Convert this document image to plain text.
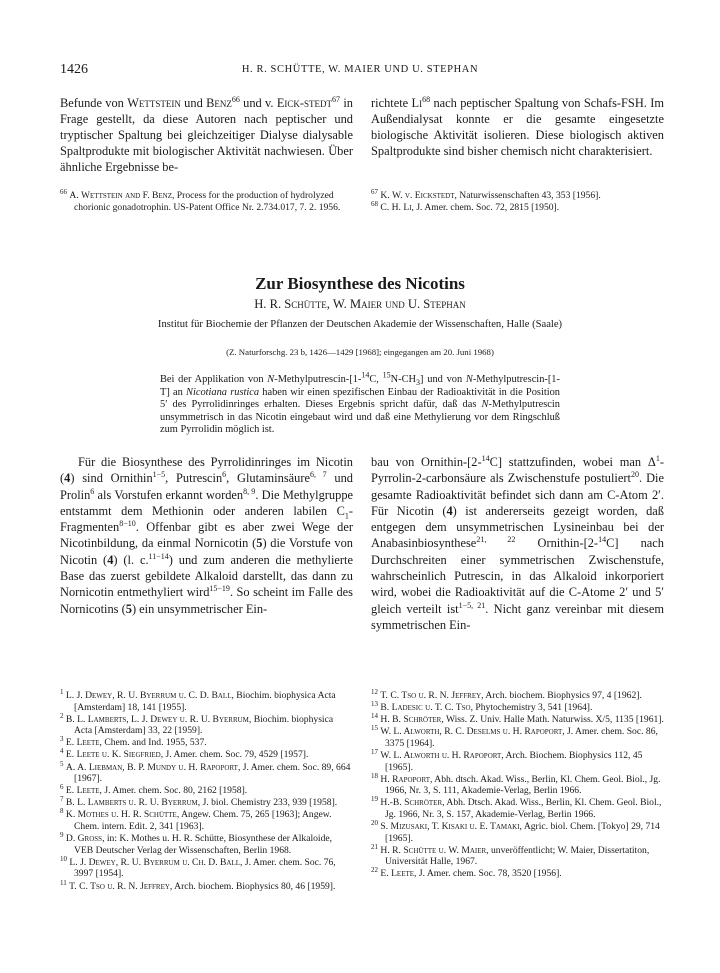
1426	H. R. SCHÜTTE, W. MAIER UND U. STEPHAN

Befunde von Wettstein und Benz$^{66}$ und v. Eick-stedt$^{67}$ in Frage gestellt, da diese Autoren nach peptischer und tryptischer Spaltung bei gleichzeitiger Dialyse dialysable Spaltprodukte mit biologischer Aktivität nachwiesen. Über ähnliche Ergebnisse be-

richtete Li$^{68}$ nach peptischer Spaltung von Schafs-FSH. Im Außendialysat konnte er die gesamte eingesetzte biologische Aktivität isolieren. Diese biologisch aktiven Spaltprodukte sind bisher chemisch nicht charakterisiert.

$^{66}$ A. Wettstein and F. Benz, Process for the production of hydrolyzed chorionic gonadotrophin. US-Patent Office Nr. 2.734.017, 7. 2. 1956.
$^{67}$ K. W. v. Eickstedt, Naturwissenschaften 43, 353 [1956].
$^{68}$ C. H. Li, J. Amer. chem. Soc. 72, 2815 [1950].
Zur Biosynthese des Nicotins
H. R. Schütte, W. Maier und U. Stephan
Institut für Biochemie der Pflanzen der Deutschen Akademie der Wissenschaften, Halle (Saale)
(Z. Naturforschg. 23 b, 1426—1429 [1968]; eingegangen am 20. Juni 1968)
Bei der Applikation von N-Methylputrescin-[1-$^{14}$C, $^{15}N-CH_3$] und von N-Methylputrescin-[1-T] an Nicotiana rustica haben wir einen spezifischen Einbau der Radioaktivität in die Position 5′ des Pyrrolidinringes erhalten. Dieses Ergebnis spricht dafür, daß das N-Methylputrescin unsymmetrisch in das Nicotin eingebaut wird und daß eine Methylierung vor dem Ringschluß zum Pyrrolidin möglich ist.

Für die Biosynthese des Pyrrolidinringes im Nicotin (4) sind Ornithin$^{1-5}$, Putrescin$^6$, Glutaminsäure$^{6, 7}$ und Prolin$^6$ als Vorstufen erkannt worden$^{8, 9}$. Die Methylgruppe entstammt dem Methionin oder anderen labilen $C_1-Fragmenten^{8-10}$. Offenbar gibt es aber zwei Wege der Nicotinbildung, da einmal Nornicotin (5) die Vorstufe von Nicotin (4) (l. c.$^{11-14}$) und zum anderen die methylierte Base das zuerst gebildete Alkaloid darstellt, das dann zu Nornicotin entmethyliert wird$^{15-19}$. So scheint im Falle des Nornicotins (5) ein unsymmetrischer Ein-

bau von Ornithin-[2-$^{14}$C] stattzufinden, wobei man $\Delta^1-Pyrrolin-2$-carbonsäure als Zwischenstufe postuliert$^{20}$. Die gesamte Radioaktivität befindet sich dann am C-Atom 2′. Für Nicotin (4) ist andererseits gezeigt worden, daß entgegen dem unsymmetrischen Lysineinbau bei der Anabasinbiosynthese$^{21, 22}$ Ornithin-[2-$^{14}$C] nach Durchschreiten einer symmetrischen Zwischenstufe, wahrscheinlich Putrescin, in das Alkaloid inkorporiert wird, wobei die Radioaktivität auf die C-Atome 2′ und 5′ gleich verteilt ist$^{1-5, 21}$. Nicht ganz vereinbar mit diesem symmetrischen Ein-

$^1$ L. J. Dewey, R. U. Byerrum u. C. D. Ball, Biochim. biophysica Acta [Amsterdam] 18, 141 [1955].
$^2$ B. L. Lamberts, L. J. Dewey u. R. U. Byerrum, Biochim. biophysica Acta [Amsterdam] 33, 22 [1959].
$^3$ E. Leete, Chem. and Ind. 1955, 537.
$^4$ E. Leete u. K. Siegfried, J. Amer. chem. Soc. 79, 4529 [1957].
$^5$ A. A. Liebman, B. P. Mundy u. H. Rapoport, J. Amer. chem. Soc. 89, 664 [1967].
$^6$ E. Leete, J. Amer. chem. Soc. 80, 2162 [1958].
$^7$ B. L. Lamberts u. R. U. Byerrum, J. biol. Chemistry 233, 939 [1958].
$^8$ K. Mothes u. H. R. Schütte, Angew. Chem. 75, 265 [1963]; Angew. Chem. intern. Edit. 2, 341 [1963].
$^9$ D. Gross, in: K. Mothes u. H. R. Schütte, Biosynthese der Alkaloide, VEB Deutscher Verlag der Wissenschaften, Berlin 1968.
$^{10}$ L. J. Dewey, R. U. Byerrum u. Ch. D. Ball, J. Amer. chem. Soc. 76, 3997 [1954].
$^{11}$ T. C. Tso u. R. N. Jeffrey, Arch. biochem. Biophysics 80, 46 [1959].
$^{12}$ T. C. Tso u. R. N. Jeffrey, Arch. biochem. Biophysics 97, 4 [1962].
$^{13}$ B. Ladesic u. T. C. Tso, Phytochemistry 3, 541 [1964].
$^{14}$ H. B. Schröter, Wiss. Z. Univ. Halle Math. Naturwiss. X/5, 1135 [1961].
$^{15}$ W. L. Alworth, R. C. Deselms u. H. Rapoport, J. Amer. chem. Soc. 86, 3375 [1964].
$^{17}$ W. L. Alworth u. H. Rapoport, Arch. Biochem. Biophysics 112, 45 [1965].
$^{18}$ H. Rapoport, Abh. dtsch. Akad. Wiss., Berlin, Kl. Chem. Geol. Biol., Jg. 1966, Nr. 3, S. 111, Akademie-Verlag, Berlin 1966.
$^{19}$ H.-B. Schröter, Abh. Dtsch. Akad. Wiss., Berlin, Kl. Chem. Geol. Biol., Jg. 1966, Nr. 3, S. 157, Akademie-Verlag, Berlin 1966.
$^{20}$ S. Mizusaki, T. Kisaki u. E. Tamaki, Agric. biol. Chem. [Tokyo] 29, 714 [1965].
$^{21}$ H. R. Schütte u. W. Maier, unveröffentlicht; W. Maier, Dissertatiton, Universität Halle, 1967.
$^{22}$ E. Leete, J. Amer. chem. Soc. 78, 3520 [1956].
